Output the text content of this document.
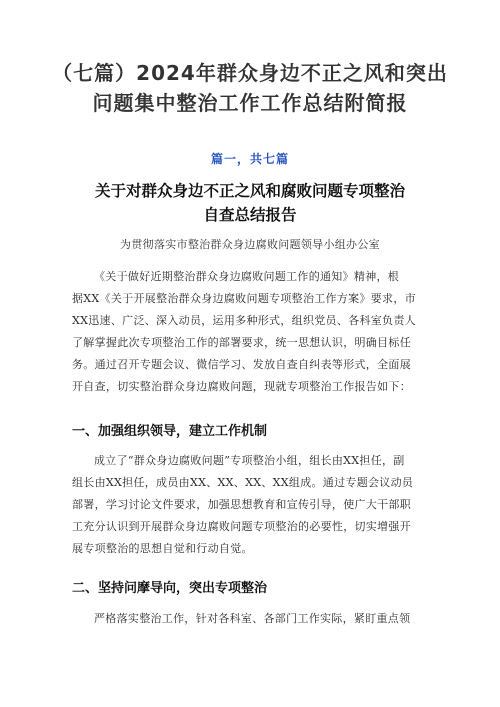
（七篇）2024年群众身边不正之风和突出
问题集中整治工作工作总结附简报
篇一，共七篇
关于对群众身边不正之风和腐败问题专项整治
自查总结报告
为贯彻落实市整治群众身边腐败问题领导小组办公室

《关于做好近期整治群众身边腐败问题工作的通知》精神，根
据XX《关于开展整治群众身边腐败问题专项整治工作方案》要求，市
XX迅速、广泛、深入动员，运用多种形式，组织党员、各科室负责人
了解掌握此次专项整治工作的部署要求，统一思想认识，明确目标任
务。通过召开专题会议、微信学习、发放自查自纠表等形式，全面展
开自查，切实整治群众身边腐败问题，现就专项整治工作报告如下：

一、加强组织领导，建立工作机制

成立了“群众身边腐败问题”专项整治小组，组长由XX担任，副
组长由XX担任，成员由XX、XX、XX、XX组成。通过专题会议动员
部署，学习讨论文件要求，加强思想教育和宣传引导，使广大干部职
工充分认识到开展群众身边腐败问题专项整治的必要性，切实增强开
展专项整治的思想自觉和行动自觉。

二、坚持问摩导向，突出专项整治

严格落实整治工作，针对各科室、各部门工作实际，紧盯重点领
